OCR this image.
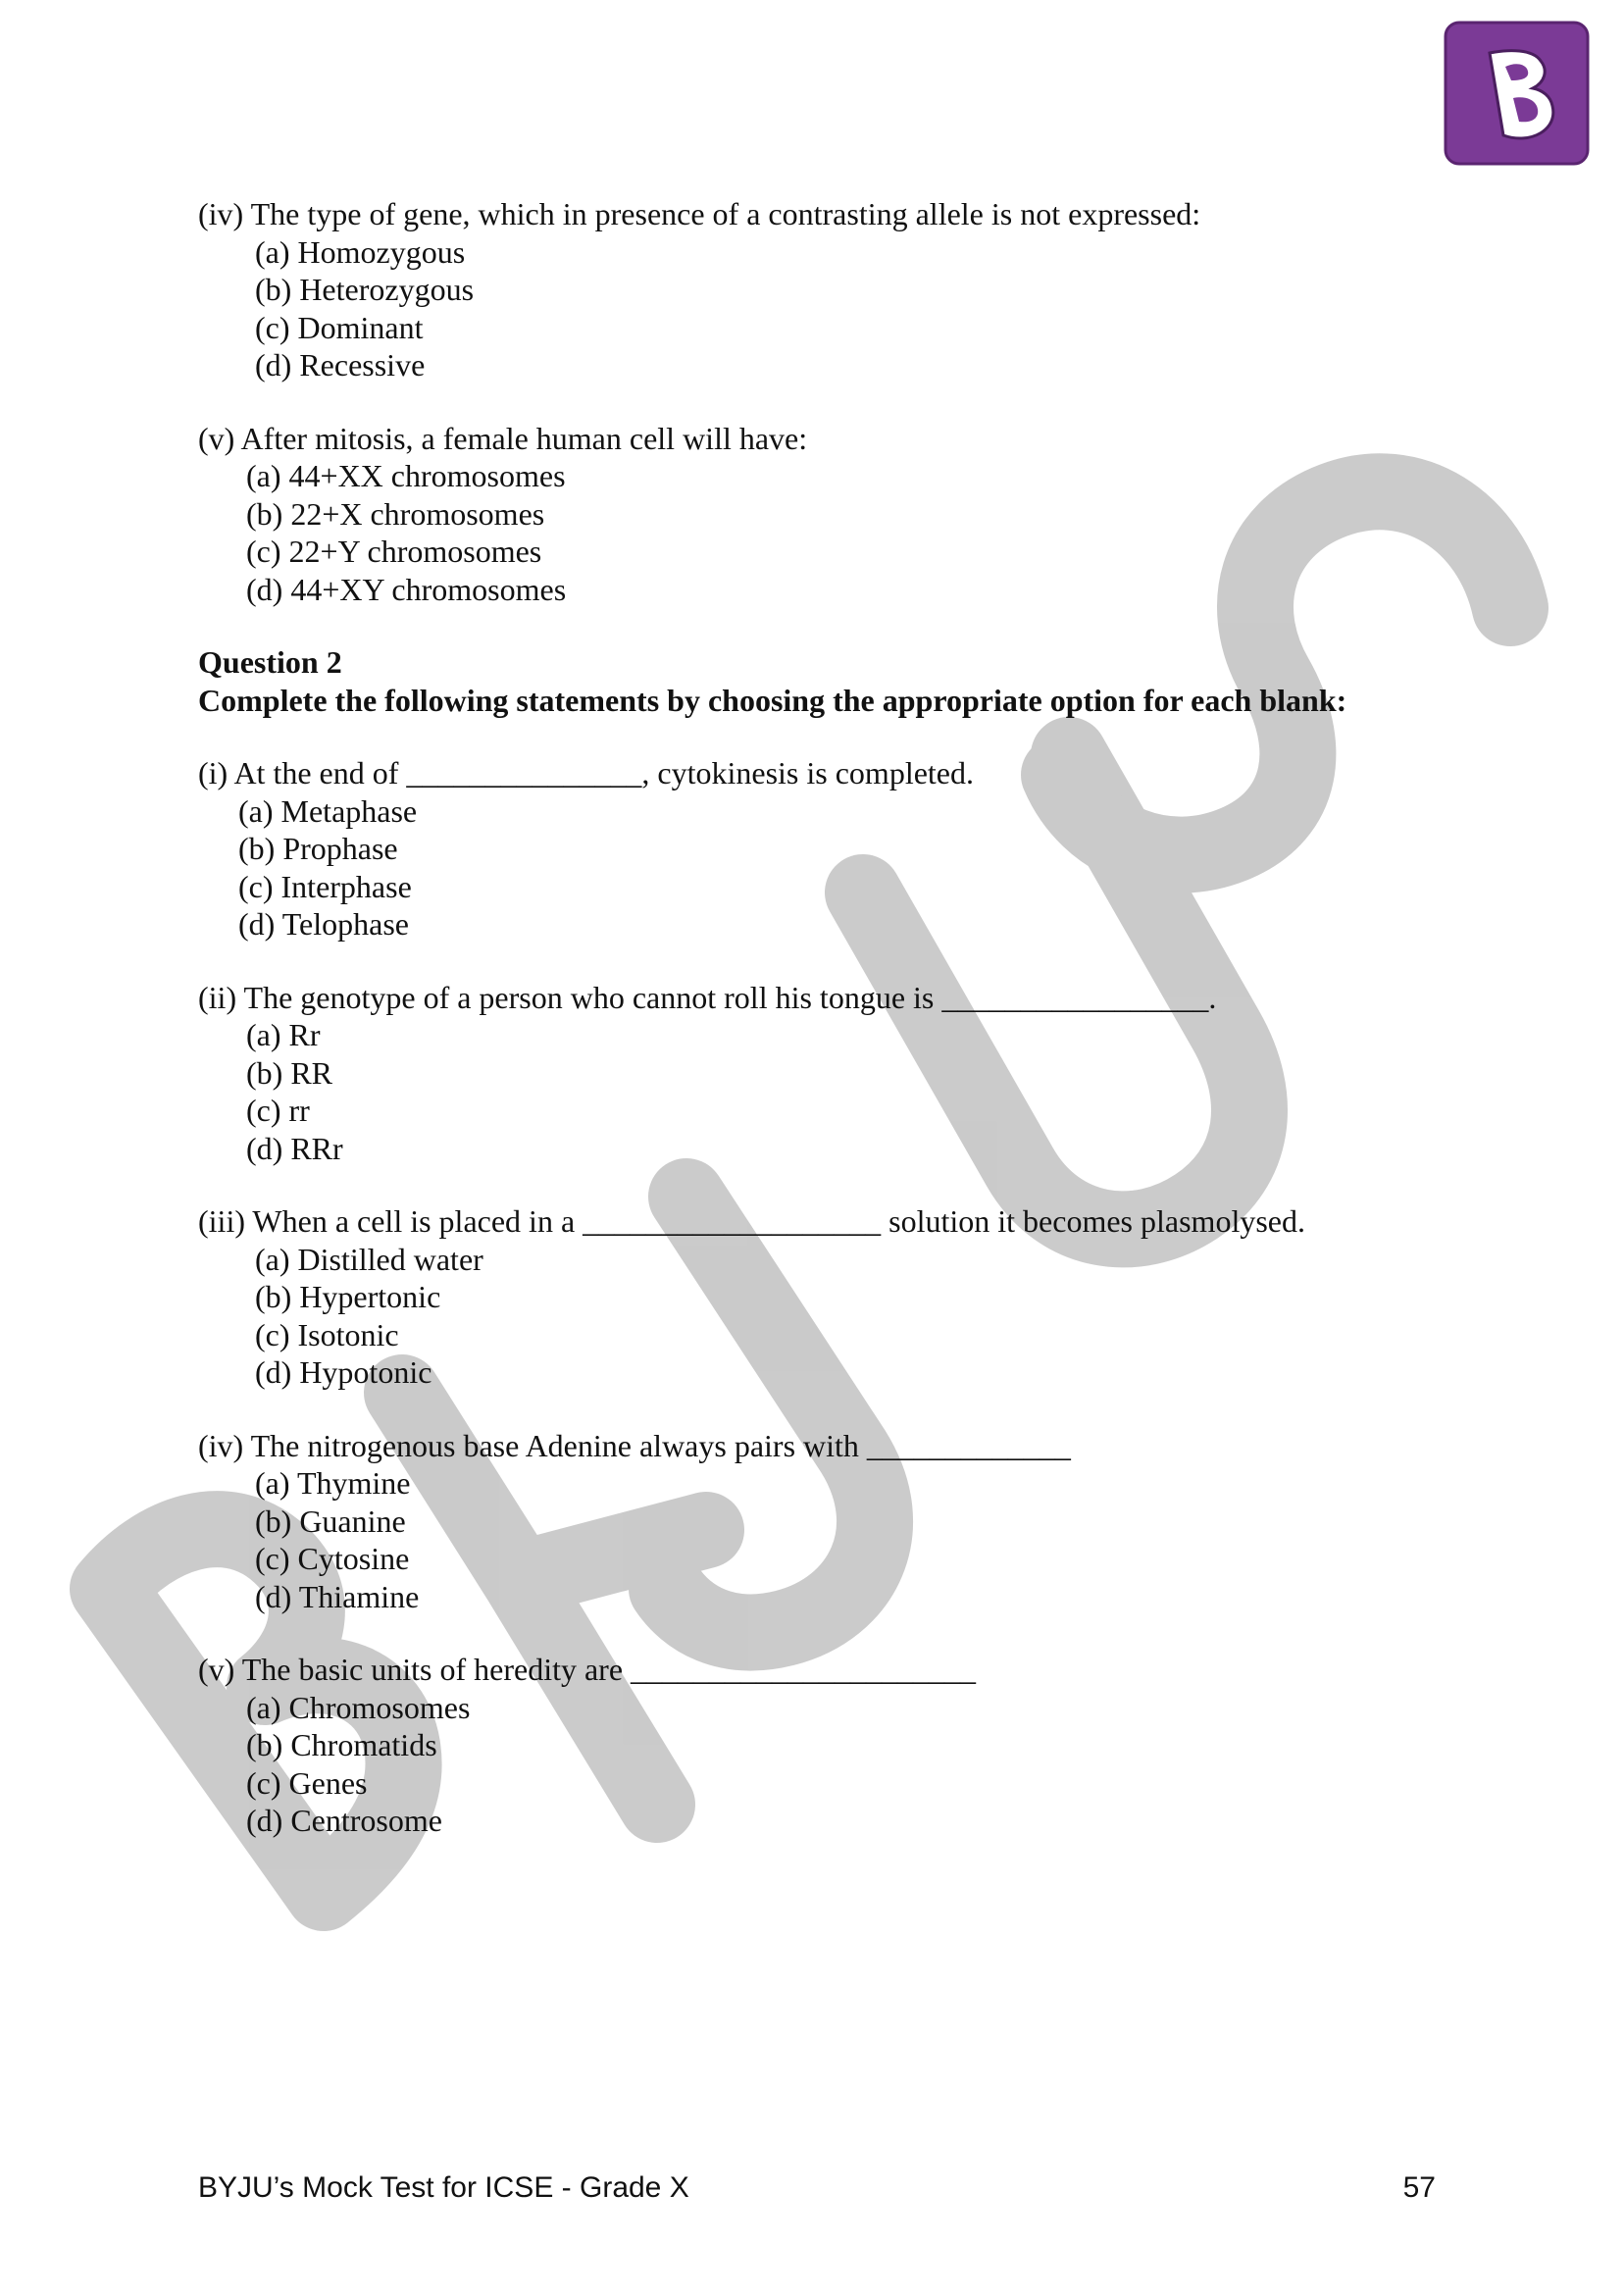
(iv) The type of gene, which in presence of a contrasting allele is not expressed:
(a) Homozygous
(b) Heterozygous
(c) Dominant
(d) Recessive
(v) After mitosis, a female human cell will have:
(a) 44+XX chromosomes
(b) 22+X chromosomes
(c) 22+Y chromosomes
(d) 44+XY chromosomes
Question 2
Complete the following statements by choosing the appropriate option for each blank:
(i) At the end of _______________, cytokinesis is completed.
(a) Metaphase
(b) Prophase
(c) Interphase
(d) Telophase
(ii) The genotype of a person who cannot roll his tongue is _________________.
(a) Rr
(b) RR
(c) rr
(d) RRr
(iii) When a cell is placed in a ___________________ solution it becomes plasmolysed.
(a) Distilled water
(b) Hypertonic
(c) Isotonic
(d) Hypotonic
(iv) The nitrogenous base Adenine always pairs with _____________
(a) Thymine
(b) Guanine
(c) Cytosine
(d) Thiamine
(v) The basic units of heredity are ______________________
(a) Chromosomes
(b) Chromatids
(c) Genes
(d) Centrosome
BYJU’s Mock Test for ICSE - Grade X	57
